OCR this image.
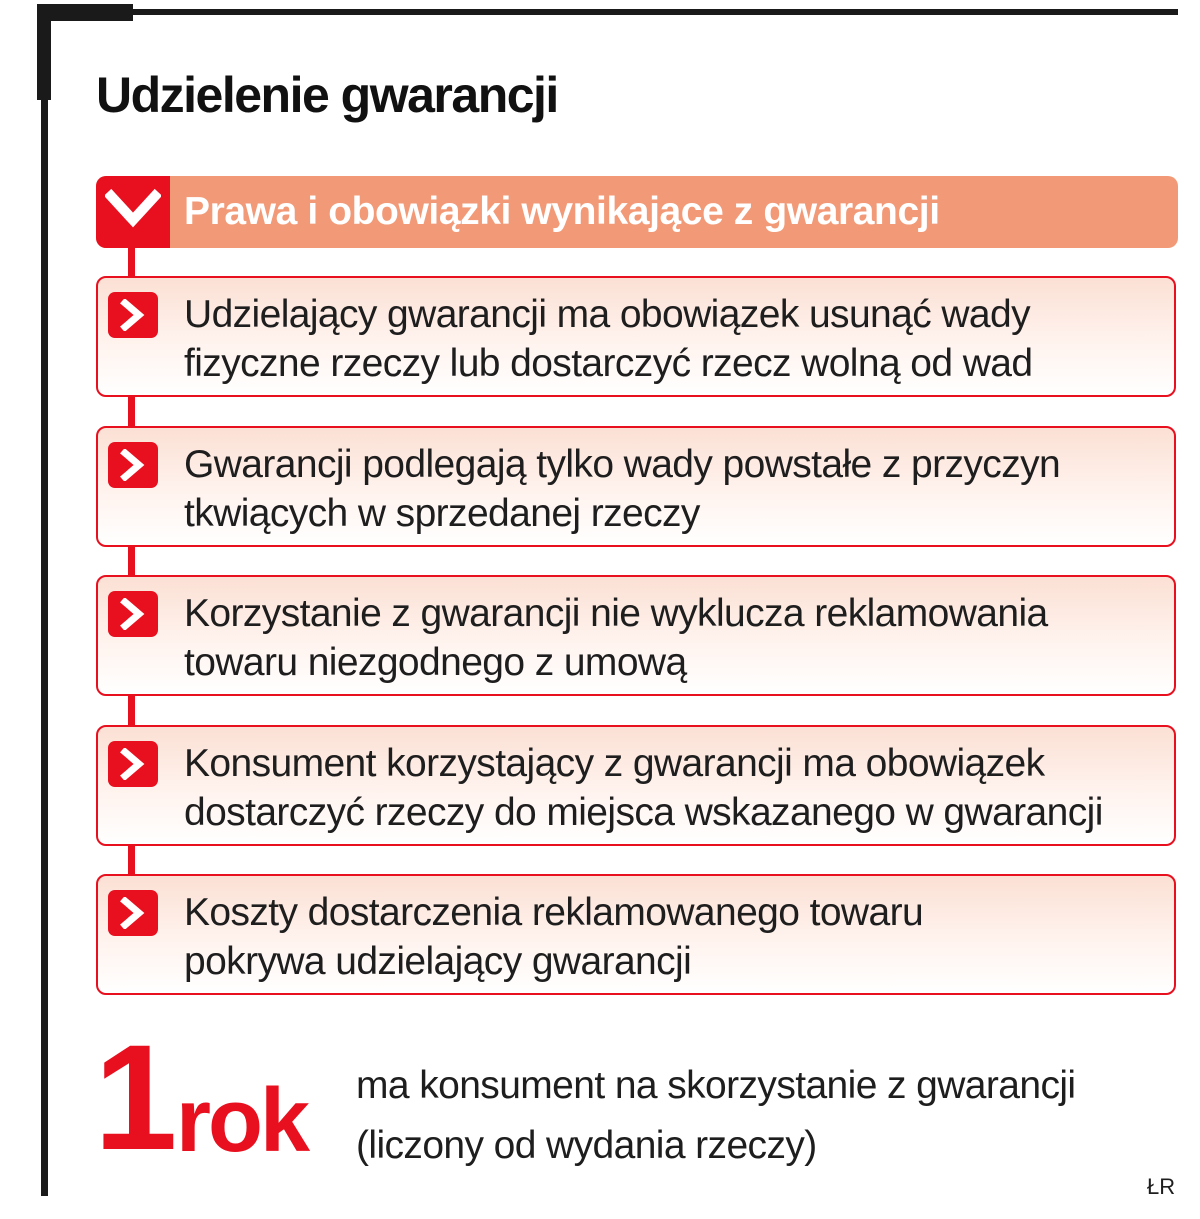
Udzielenie gwarancji
Prawa i obowiązki wynikające z gwarancji
Udzielający gwarancji ma obowiązek usunąć wady
fizyczne rzeczy lub dostarczyć rzecz wolną od wad
Gwarancji podlegają tylko wady powstałe z przyczyn
tkwiących w sprzedanej rzeczy
Korzystanie z gwarancji nie wyklucza reklamowania
towaru niezgodnego z umową
Konsument korzystający z gwarancji ma obowiązek
dostarczyć rzeczy do miejsca wskazanego w gwarancji
Koszty dostarczenia reklamowanego towaru
pokrywa udzielający gwarancji
1 rok ma konsument na skorzystanie z gwarancji
(liczony od wydania rzeczy)
ŁR
